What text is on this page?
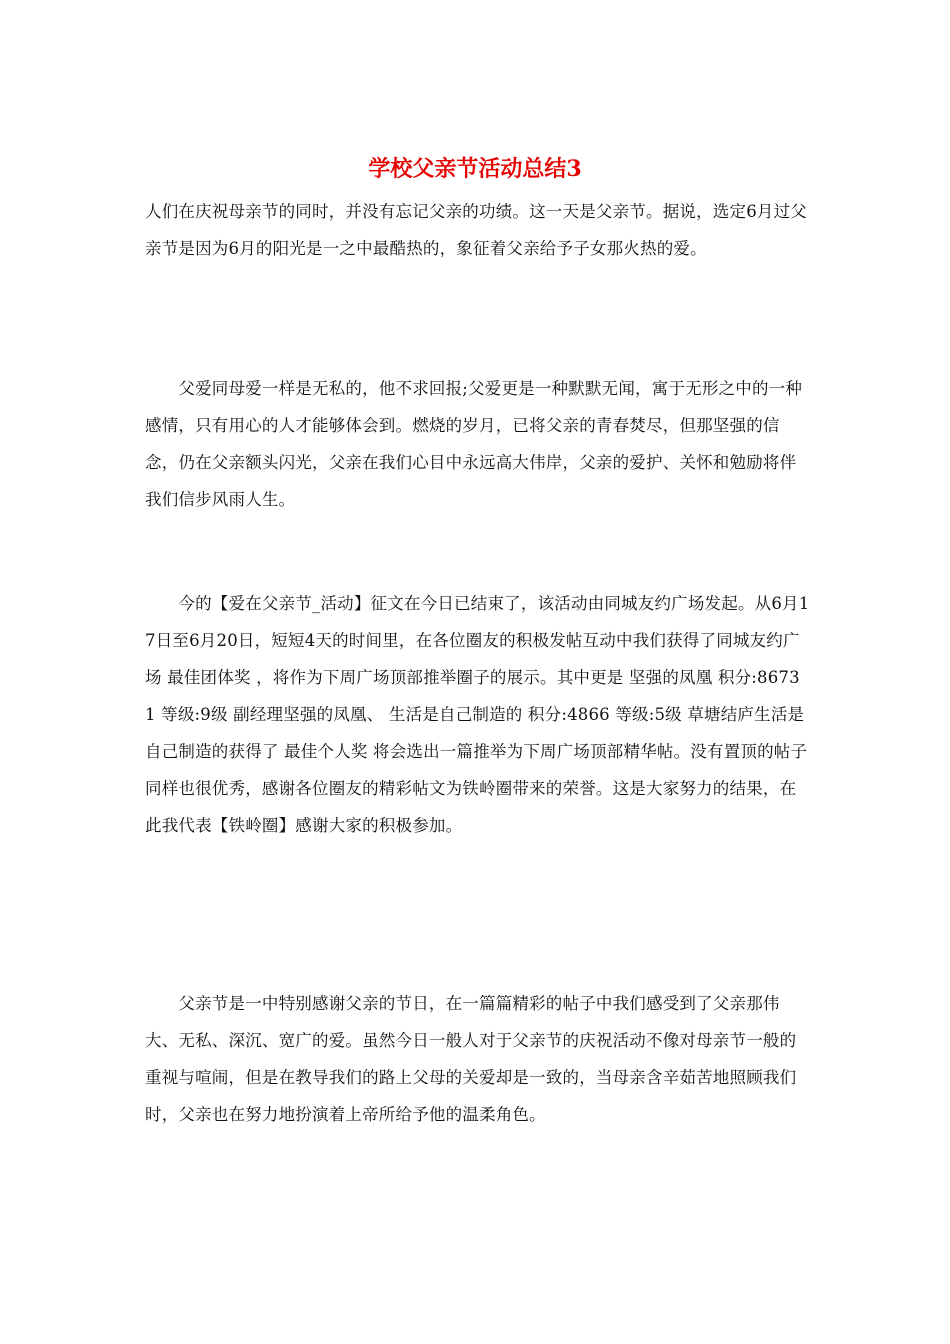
学校父亲节活动总结3

人们在庆祝母亲节的同时，并没有忘记父亲的功绩。这一天是父亲节。据说，选定6月过父亲节是因为6月的阳光是一之中最酷热的，象征着父亲给予子女那火热的爱。

　　父爱同母爱一样是无私的，他不求回报;父爱更是一种默默无闻，寓于无形之中的一种感情，只有用心的人才能够体会到。燃烧的岁月，已将父亲的青春焚尽，但那坚强的信念，仍在父亲额头闪光，父亲在我们心目中永远高大伟岸，父亲的爱护、关怀和勉励将伴我们信步风雨人生。

　　今的【爱在父亲节_活动】征文在今日已结束了，该活动由同城友约广场发起。从6月17日至6月20日，短短4天的时间里，在各位圈友的积极发帖互动中我们获得了同城友约广场 最佳团体奖 ，将作为下周广场顶部推举圈子的展示。其中更是 坚强的凤凰 积分:86731 等级:9级 副经理坚强的凤凰、 生活是自己制造的 积分:4866 等级:5级 草塘结庐生活是自己制造的获得了 最佳个人奖 将会选出一篇推举为下周广场顶部精华帖。没有置顶的帖子同样也很优秀，感谢各位圈友的精彩帖文为铁岭圈带来的荣誉。这是大家努力的结果，在此我代表【铁岭圈】感谢大家的积极参加。

　　父亲节是一中特别感谢父亲的节日，在一篇篇精彩的帖子中我们感受到了父亲那伟大、无私、深沉、宽广的爱。虽然今日一般人对于父亲节的庆祝活动不像对母亲节一般的重视与喧闹，但是在教导我们的路上父母的关爱却是一致的，当母亲含辛茹苦地照顾我们时，父亲也在努力地扮演着上帝所给予他的温柔角色。
